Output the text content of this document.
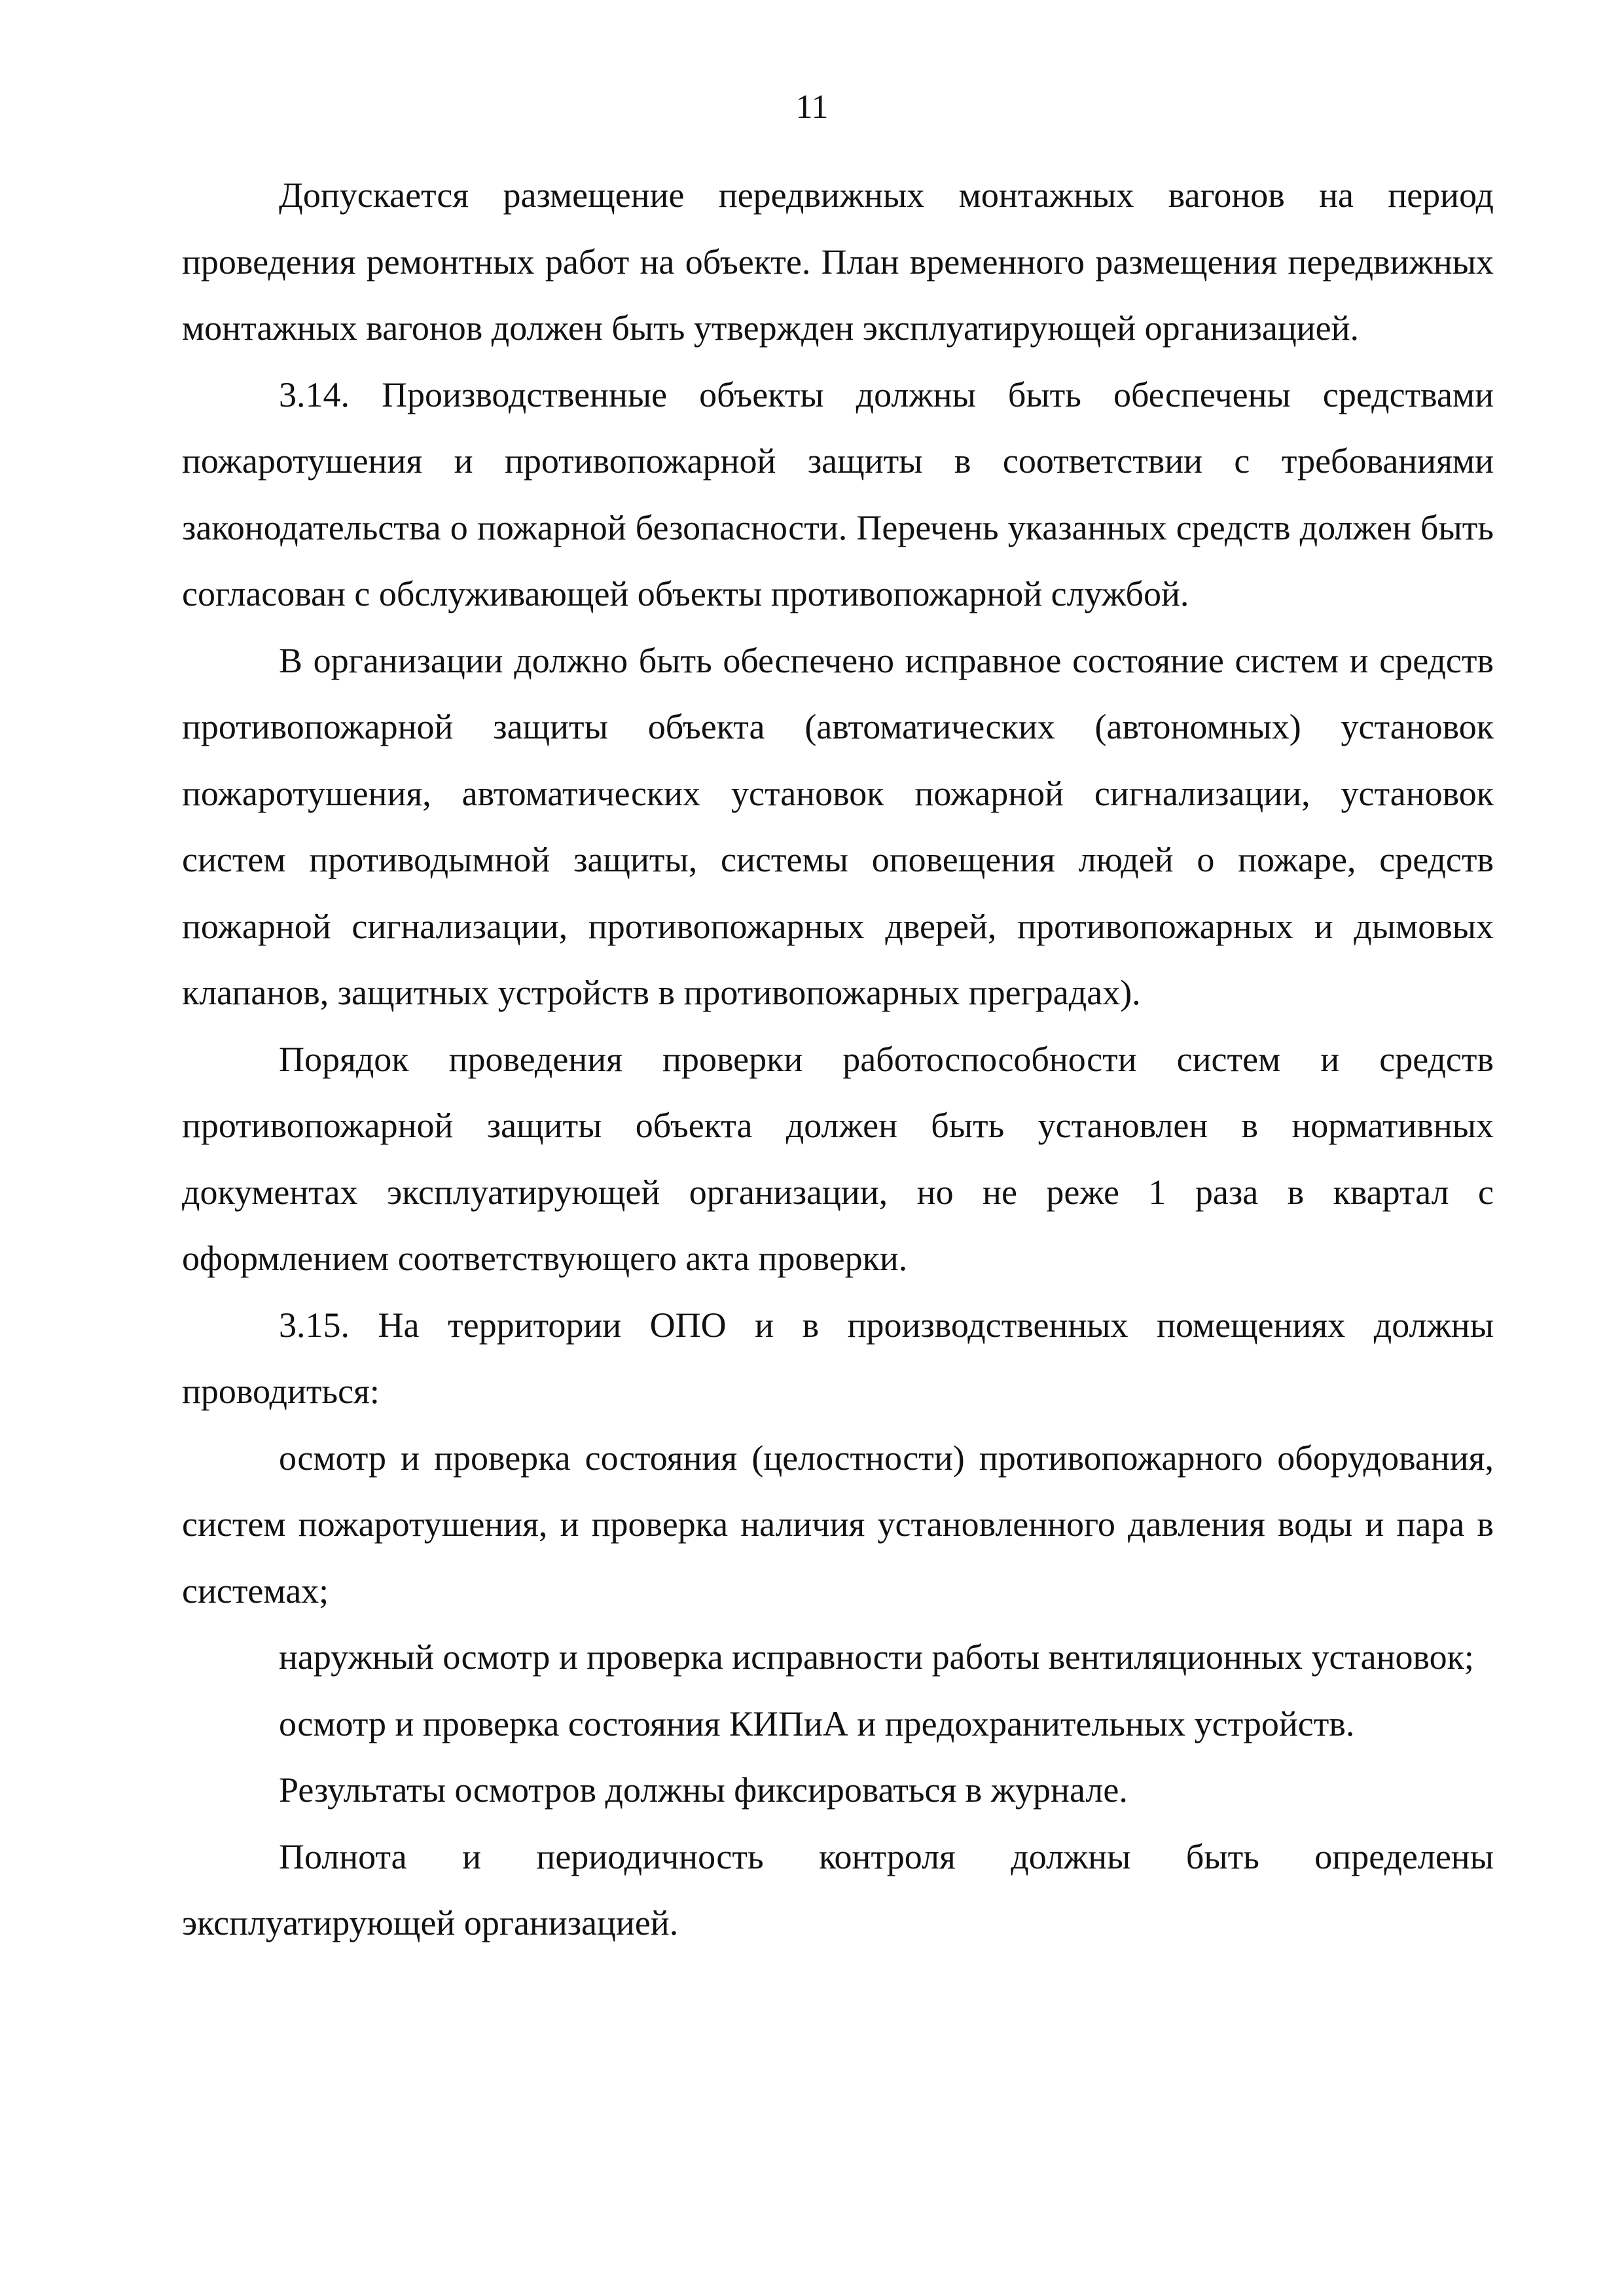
11

Допускается размещение передвижных монтажных вагонов на период проведения ремонтных работ на объекте. План временного размещения передвижных монтажных вагонов должен быть утвержден эксплуатирующей организацией.

3.14. Производственные объекты должны быть обеспечены средствами пожаротушения и противопожарной защиты в соответствии с требованиями законодательства о пожарной безопасности. Перечень указанных средств должен быть согласован с обслуживающей объекты противопожарной службой.

В организации должно быть обеспечено исправное состояние систем и средств противопожарной защиты объекта (автоматических (автономных) установок пожаротушения, автоматических установок пожарной сигнализации, установок систем противодымной защиты, системы оповещения людей о пожаре, средств пожарной сигнализации, противопожарных дверей, противопожарных и дымовых клапанов, защитных устройств в противопожарных преградах).

Порядок проведения проверки работоспособности систем и средств противопожарной защиты объекта должен быть установлен в нормативных документах эксплуатирующей организации, но не реже 1 раза в квартал с оформлением соответствующего акта проверки.

3.15. На территории ОПО и в производственных помещениях должны проводиться:

осмотр и проверка состояния (целостности) противопожарного оборудования, систем пожаротушения, и проверка наличия установленного давления воды и пара в системах;

наружный осмотр и проверка исправности работы вентиляционных установок;

осмотр и проверка состояния КИПиА и предохранительных устройств.

Результаты осмотров должны фиксироваться в журнале.

Полнота и периодичность контроля должны быть определены эксплуатирующей организацией.
